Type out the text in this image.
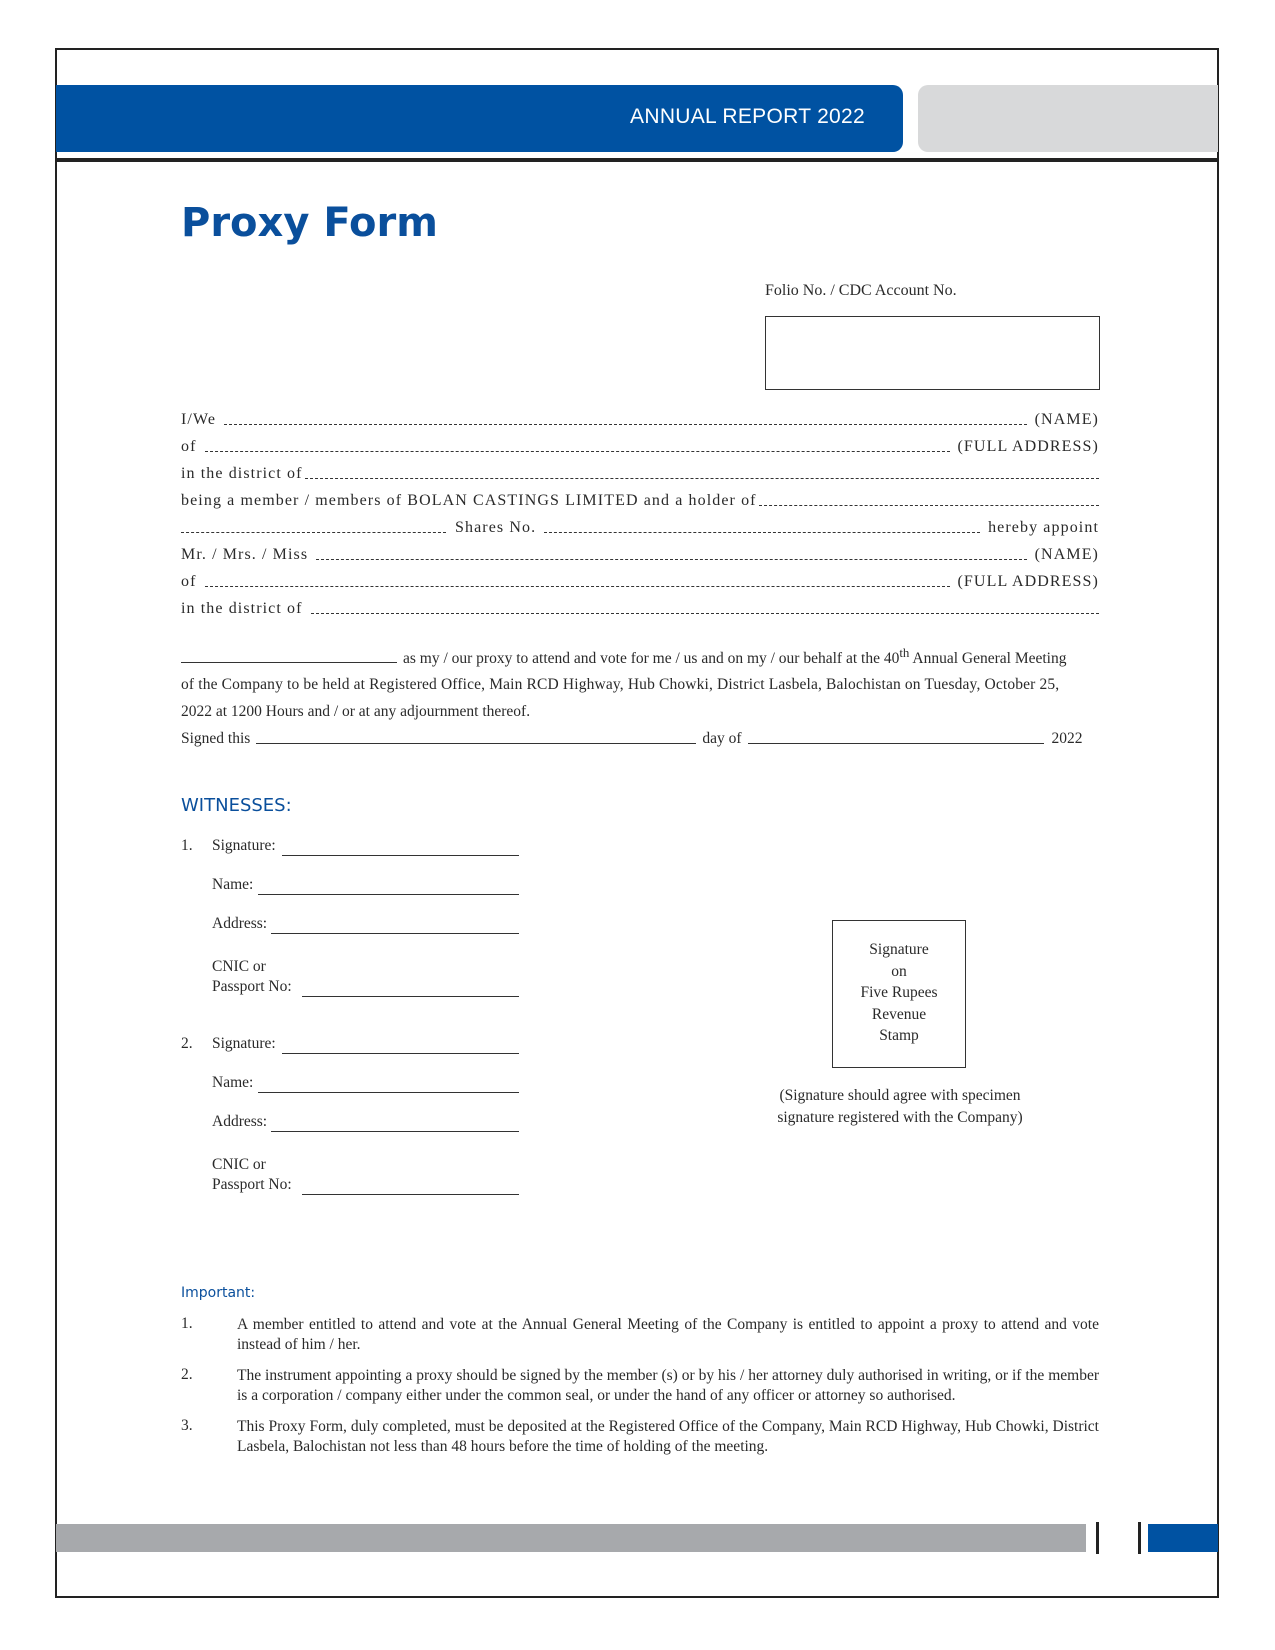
ANNUAL REPORT 2022
Proxy Form
Folio No. / CDC Account No.
I/We	(NAME)
of	(FULL ADDRESS)
in the district of
being a member / members of BOLAN CASTINGS LIMITED and a holder of
Shares No.	hereby appoint
Mr. / Mrs. / Miss	(NAME)
of	(FULL ADDRESS)
in the district of
as my / our proxy to attend and vote for me / us and on my / our behalf at the 40th Annual General Meeting
of the Company to be held at Registered Office, Main RCD Highway, Hub Chowki, District Lasbela, Balochistan on Tuesday, October 25,
2022 at 1200 Hours and / or at any adjournment thereof.
Signed this	day of	2022
WITNESSES:
1. Signature:
Name:
Address:
CNIC or
Passport No:
2. Signature:
Name:
Address:
CNIC or
Passport No:
Signature
on
Five Rupees
Revenue
Stamp
(Signature should agree with specimen
signature registered with the Company)
Important:
1.	A member entitled to attend and vote at the Annual General Meeting of the Company is entitled to appoint a proxy to attend and vote instead of him / her.
2.	The instrument appointing a proxy should be signed by the member (s) or by his / her attorney duly authorised in writing, or if the member is a corporation / company either under the common seal, or under the hand of any officer or attorney so authorised.
3.	This Proxy Form, duly completed, must be deposited at the Registered Office of the Company, Main RCD Highway, Hub Chowki, District Lasbela, Balochistan not less than 48 hours before the time of holding of the meeting.
